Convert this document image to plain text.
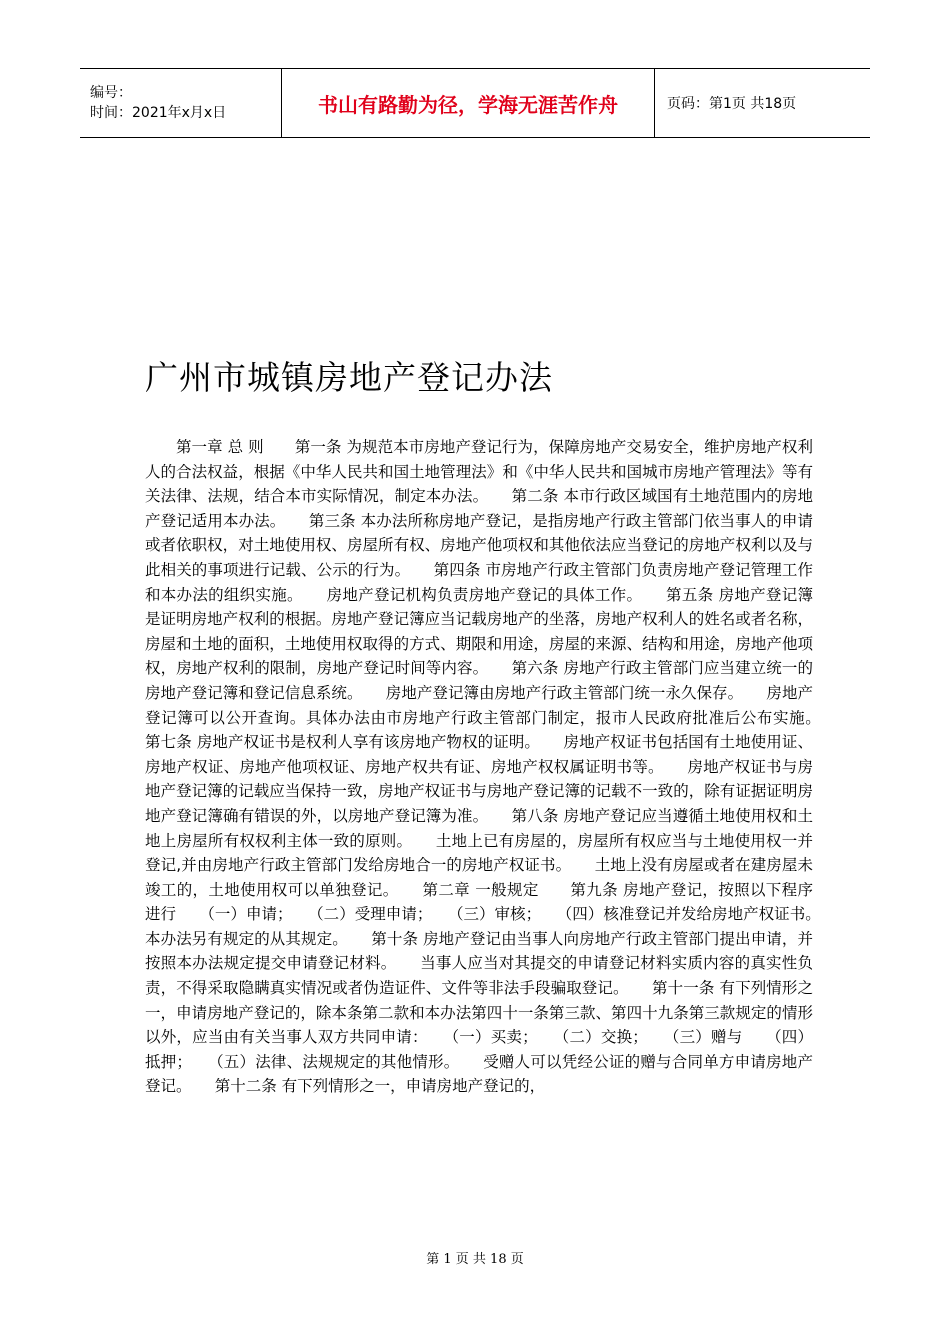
编号：
时间：2021年x月x日	书山有路勤为径，学海无涯苦作舟	页码：第1页 共18页
广州市城镇房地产登记办法

第一章 总 则　　第一条 为规范本市房地产登记行为，保障房地产交易安全，维护房地产权利人的合法权益，根据《中华人民共和国土地管理法》和《中华人民共和国城市房地产管理法》等有关法律、法规，结合本市实际情况，制定本办法。　　第二条 本市行政区域国有土地范围内的房地产登记适用本办法。　　第三条 本办法所称房地产登记，是指房地产行政主管部门依当事人的申请或者依职权，对土地使用权、房屋所有权、房地产他项权和其他依法应当登记的房地产权利以及与此相关的事项进行记载、公示的行为。　　第四条 市房地产行政主管部门负责房地产登记管理工作和本办法的组织实施。　　房地产登记机构负责房地产登记的具体工作。　　第五条 房地产登记簿是证明房地产权利的根据。房地产登记簿应当记载房地产的坐落，房地产权利人的姓名或者名称，房屋和土地的面积，土地使用权取得的方式、期限和用途，房屋的来源、结构和用途，房地产他项权，房地产权利的限制，房地产登记时间等内容。　　第六条 房地产行政主管部门应当建立统一的房地产登记簿和登记信息系统。　　房地产登记簿由房地产行政主管部门统一永久保存。　　房地产登记簿可以公开查询。具体办法由市房地产行政主管部门制定，报市人民政府批准后公布实施。　　第七条 房地产权证书是权利人享有该房地产物权的证明。　　房地产权证书包括国有土地使用证、房地产权证、房地产他项权证、房地产权共有证、房地产权权属证明书等。　　房地产权证书与房地产登记簿的记载应当保持一致，房地产权证书与房地产登记簿的记载不一致的，除有证据证明房地产登记簿确有错误的外，以房地产登记簿为准。　　第八条 房地产登记应当遵循土地使用权和土地上房屋所有权权利主体一致的原则。　　土地上已有房屋的，房屋所有权应当与土地使用权一并登记,并由房地产行政主管部门发给房地合一的房地产权证书。　　土地上没有房屋或者在建房屋未竣工的，土地使用权可以单独登记。　　第二章 一般规定　　第九条 房地产登记，按照以下程序进行　　（一）申请；　　（二）受理申请；　　（三）审核；　　（四）核准登记并发给房地产权证书。　　本办法另有规定的从其规定。　　第十条 房地产登记由当事人向房地产行政主管部门提出申请，并按照本办法规定提交申请登记材料。　　当事人应当对其提交的申请登记材料实质内容的真实性负责，不得采取隐瞒真实情况或者伪造证件、文件等非法手段骗取登记。　　第十一条 有下列情形之一，申请房地产登记的，除本条第二款和本办法第四十一条第三款、第四十九条第三款规定的情形以外，应当由有关当事人双方共同申请：　　（一）买卖；　　（二）交换；　　（三）赠与　　（四）抵押；　　（五）法律、法规规定的其他情形。　　受赠人可以凭经公证的赠与合同单方申请房地产登记。　　第十二条 有下列情形之一，申请房地产登记的，

第 1 页 共 18 页
